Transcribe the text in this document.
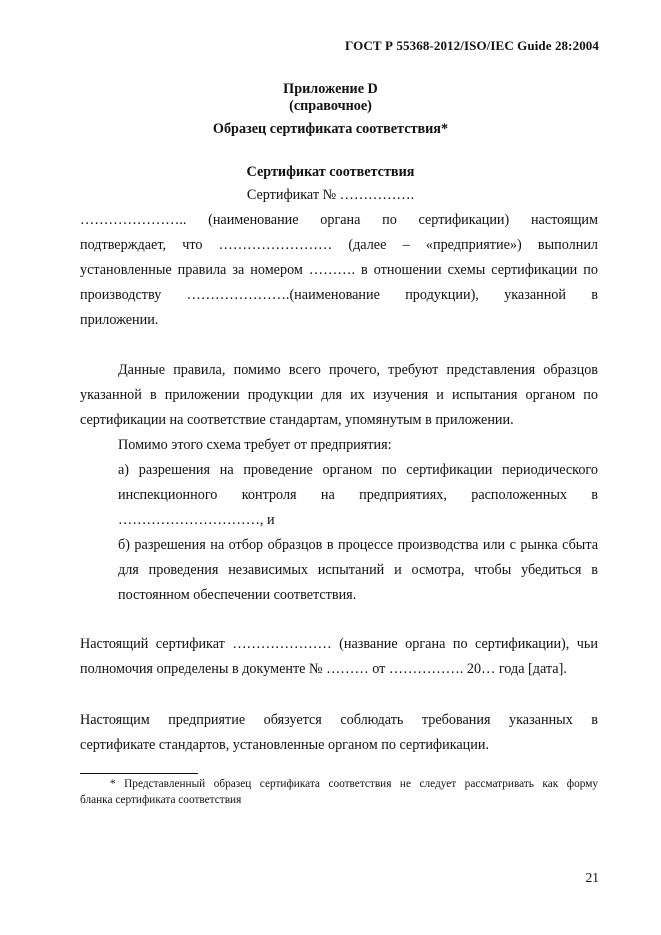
ГОСТ Р 55368-2012/ISO/IEC Guide 28:2004
Приложение D
(справочное)
Образец сертификата соответствия*
Сертификат соответствия
Сертификат № …………….
………………….. (наименование органа по сертификации) настоящим
подтверждает, что …………………… (далее – «предприятие») выполнил
установленные правила за номером ………. в отношении схемы сертификации по
производству ………………….(наименование продукции), указанной в
приложении.
Данные правила, помимо всего прочего, требуют представления образцов
указанной в приложении продукции для их изучения и испытания органом по
сертификации на соответствие стандартам, упомянутым в приложении.
Помимо этого схема требует от предприятия:
а) разрешения на проведение органом по сертификации периодического
инспекционного контроля на предприятиях, расположенных в
…………………………, и
б) разрешения на отбор образцов в процессе производства или с рынка сбыта
для проведения независимых испытаний и осмотра, чтобы убедиться в
постоянном обеспечении соответствия.
Настоящий сертификат ………………… (название органа по сертификации), чьи
полномочия определены в документе № ……… от ……………. 20… года [дата].
Настоящим предприятие обязуется соблюдать требования указанных в
сертификате стандартов, установленные органом по сертификации.
* Представленный образец сертификата соответствия не следует рассматривать как форму
бланка сертификата соответствия
21
